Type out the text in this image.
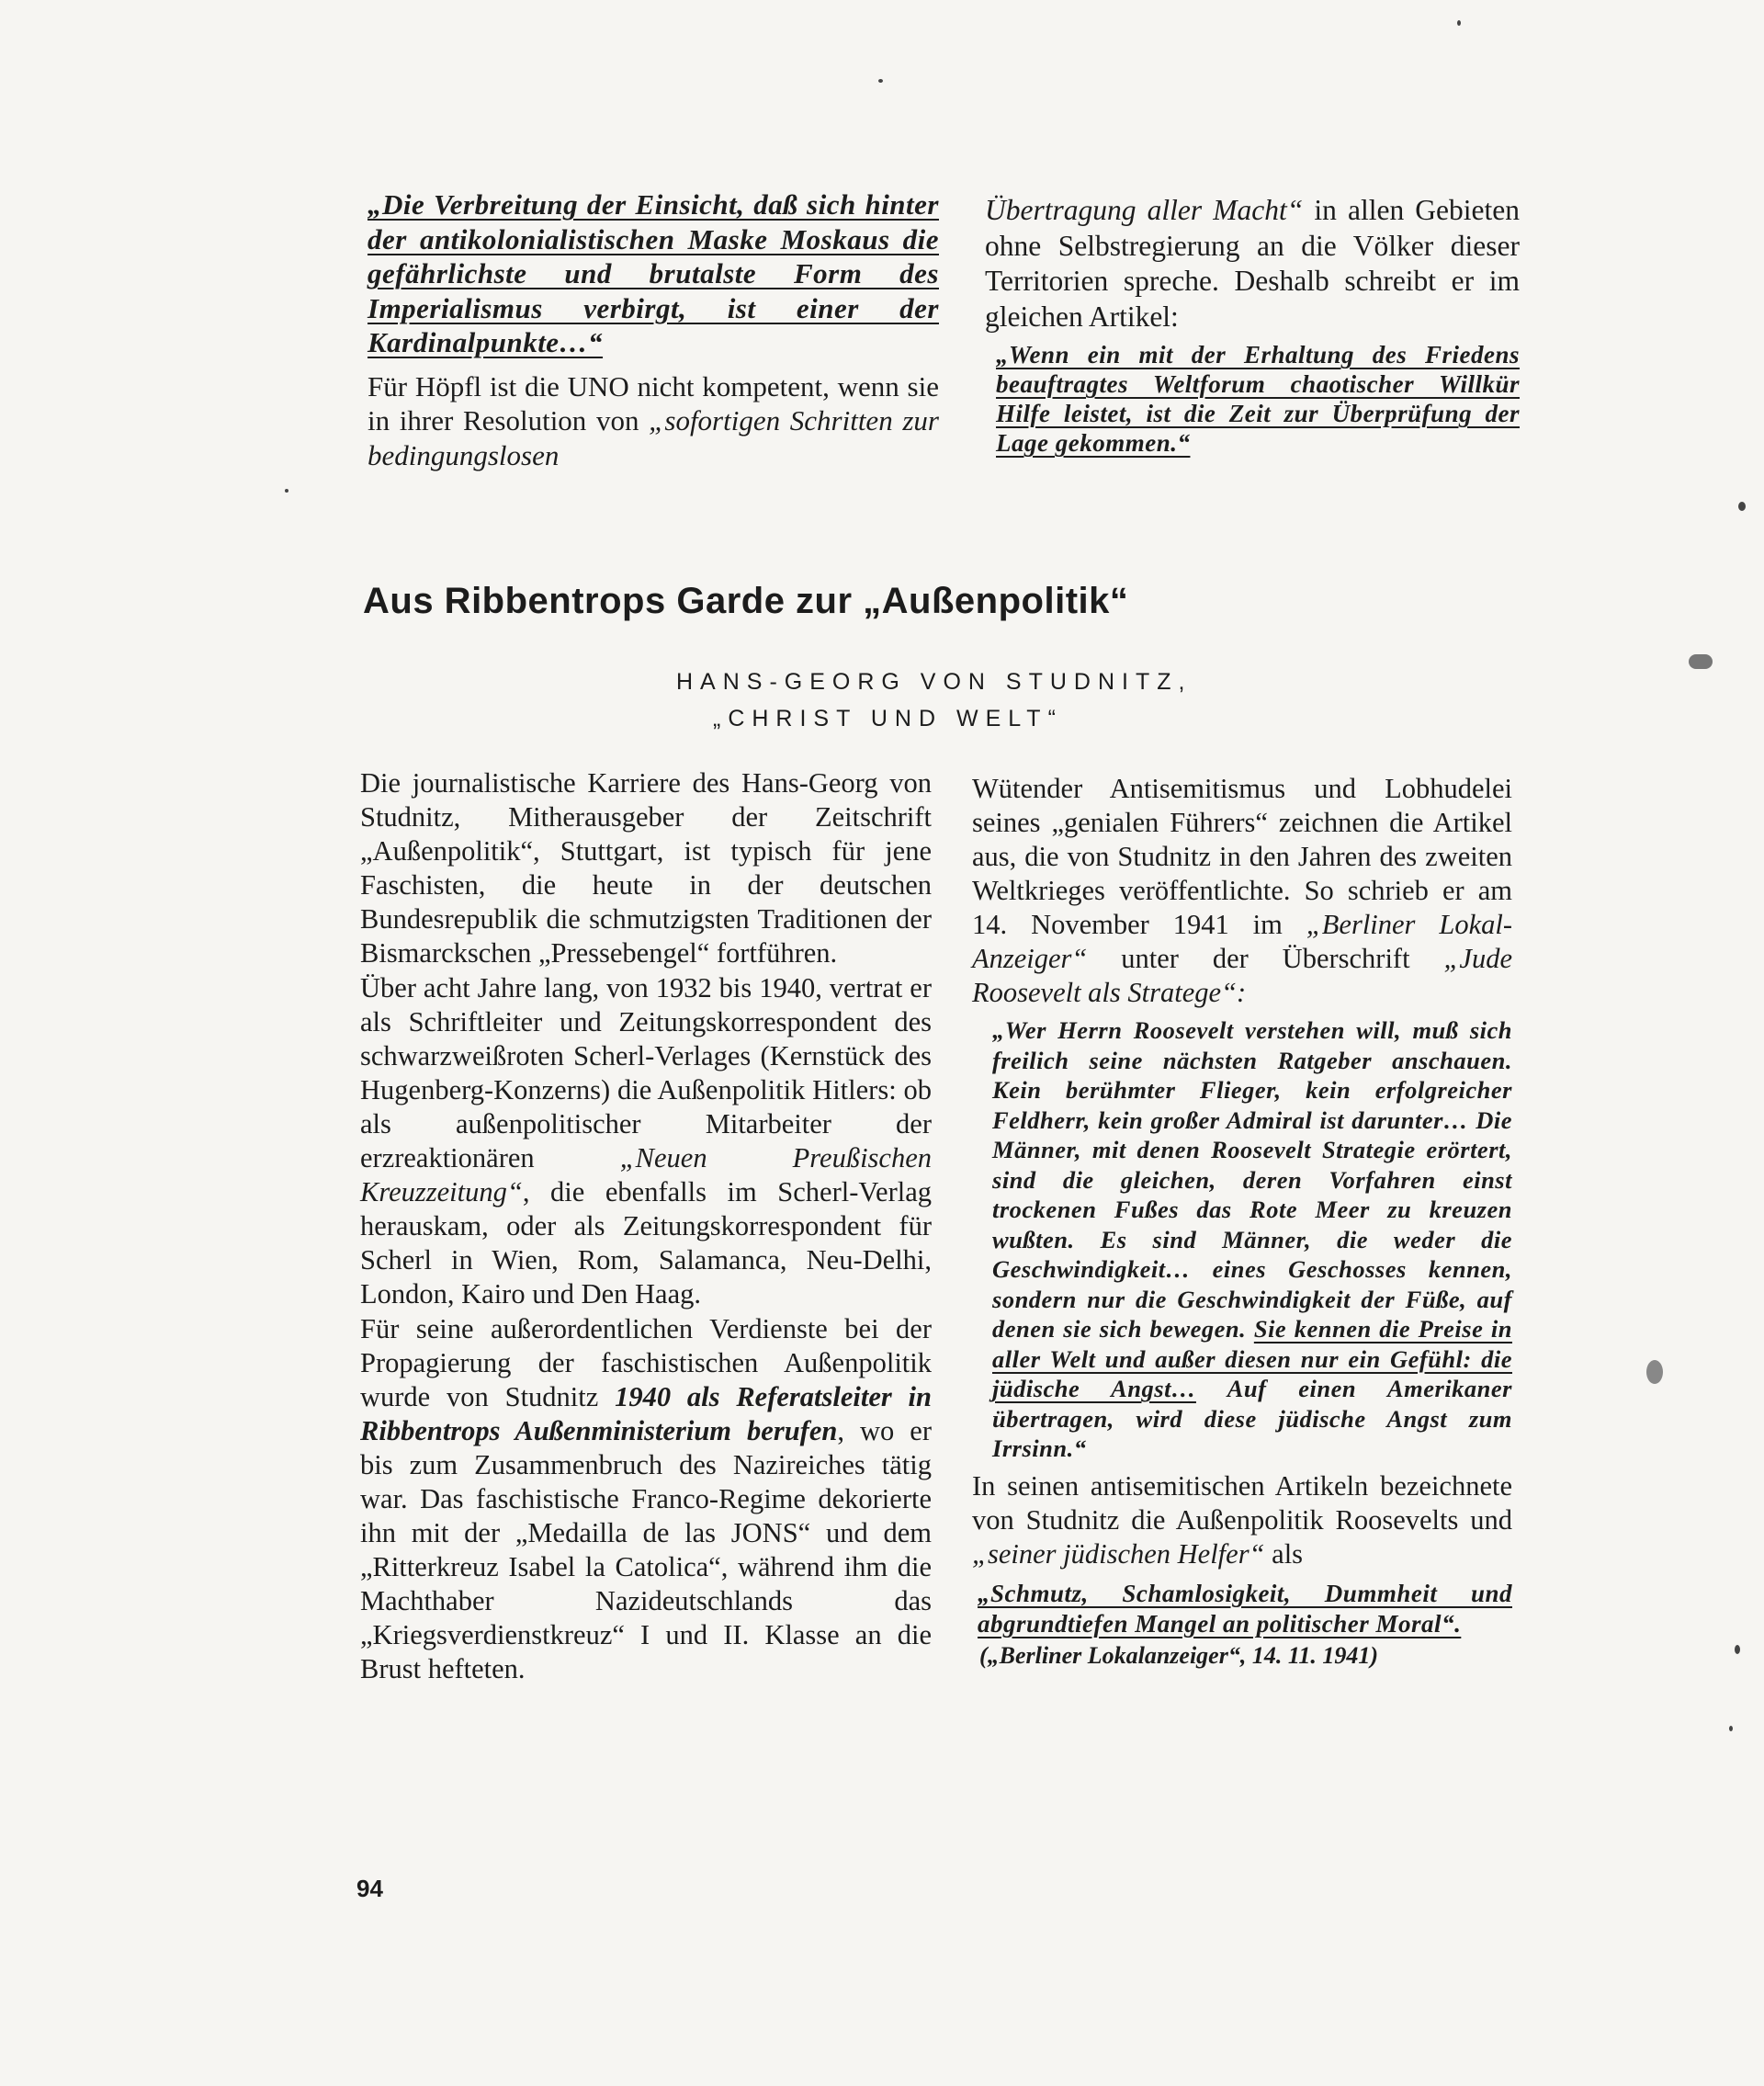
„Die Verbreitung der Einsicht, daß sich hinter der antikolonialistischen Maske Moskaus die gefährlichste und brutalste Form des Imperialismus verbirgt, ist einer der Kardinalpunkte…“

Für Höpfl ist die UNO nicht kompetent, wenn sie in ihrer Resolution von „sofortigen Schritten zur bedingungslosen

Übertragung aller Macht“ in allen Gebieten ohne Selbstregierung an die Völker dieser Territorien spreche. Deshalb schreibt er im gleichen Artikel:

„Wenn ein mit der Erhaltung des Friedens beauftragtes Weltforum chaotischer Willkür Hilfe leistet, ist die Zeit zur Überprüfung der Lage gekommen.“

Aus Ribbentrops Garde zur „Außenpolitik“
HANS-GEORG VON STUDNITZ,
„CHRIST UND WELT“

Die journalistische Karriere des Hans-Georg von Studnitz, Mitherausgeber der Zeitschrift „Außenpolitik“, Stuttgart, ist typisch für jene Faschisten, die heute in der deutschen Bundesrepublik die schmutzigsten Traditionen der Bismarckschen „Pressebengel“ fortführen.

Über acht Jahre lang, von 1932 bis 1940, vertrat er als Schriftleiter und Zeitungskorrespondent des schwarzweißroten Scherl-Verlages (Kernstück des Hugenberg-Konzerns) die Außenpolitik Hitlers: ob als außenpolitischer Mitarbeiter der erzreaktionären „Neuen Preußischen Kreuzzeitung“, die ebenfalls im Scherl-Verlag herauskam, oder als Zeitungskorrespondent für Scherl in Wien, Rom, Salamanca, Neu-Delhi, London, Kairo und Den Haag.

Für seine außerordentlichen Verdienste bei der Propagierung der faschistischen Außenpolitik wurde von Studnitz 1940 als Referatsleiter in Ribbentrops Außenministerium berufen, wo er bis zum Zusammenbruch des Nazireiches tätig war. Das faschistische Franco-Regime dekorierte ihn mit der „Medailla de las JONS“ und dem „Ritterkreuz Isabel la Catolica“, während ihm die Machthaber Nazideutschlands das „Kriegsverdienstkreuz“ I und II. Klasse an die Brust hefteten.

Wütender Antisemitismus und Lobhudelei seines „genialen Führers“ zeichnen die Artikel aus, die von Studnitz in den Jahren des zweiten Weltkrieges veröffentlichte. So schrieb er am 14. November 1941 im „Berliner Lokal-Anzeiger“ unter der Überschrift „Jude Roosevelt als Stratege“:

„Wer Herrn Roosevelt verstehen will, muß sich freilich seine nächsten Ratgeber anschauen. Kein berühmter Flieger, kein erfolgreicher Feldherr, kein großer Admiral ist darunter… Die Männer, mit denen Roosevelt Strategie erörtert, sind die gleichen, deren Vorfahren einst trockenen Fußes das Rote Meer zu kreuzen wußten. Es sind Männer, die weder die Geschwindigkeit… eines Geschosses kennen, sondern nur die Geschwindigkeit der Füße, auf denen sie sich bewegen. Sie kennen die Preise in aller Welt und außer diesen nur ein Gefühl: die jüdische Angst… Auf einen Amerikaner übertragen, wird diese jüdische Angst zum Irrsinn.“

In seinen antisemitischen Artikeln bezeichnete von Studnitz die Außenpolitik Roosevelts und „seiner jüdischen Helfer“ als

„Schmutz, Schamlosigkeit, Dummheit und abgrundtiefen Mangel an politischer Moral“.

(„Berliner Lokalanzeiger“, 14. 11. 1941)

94
